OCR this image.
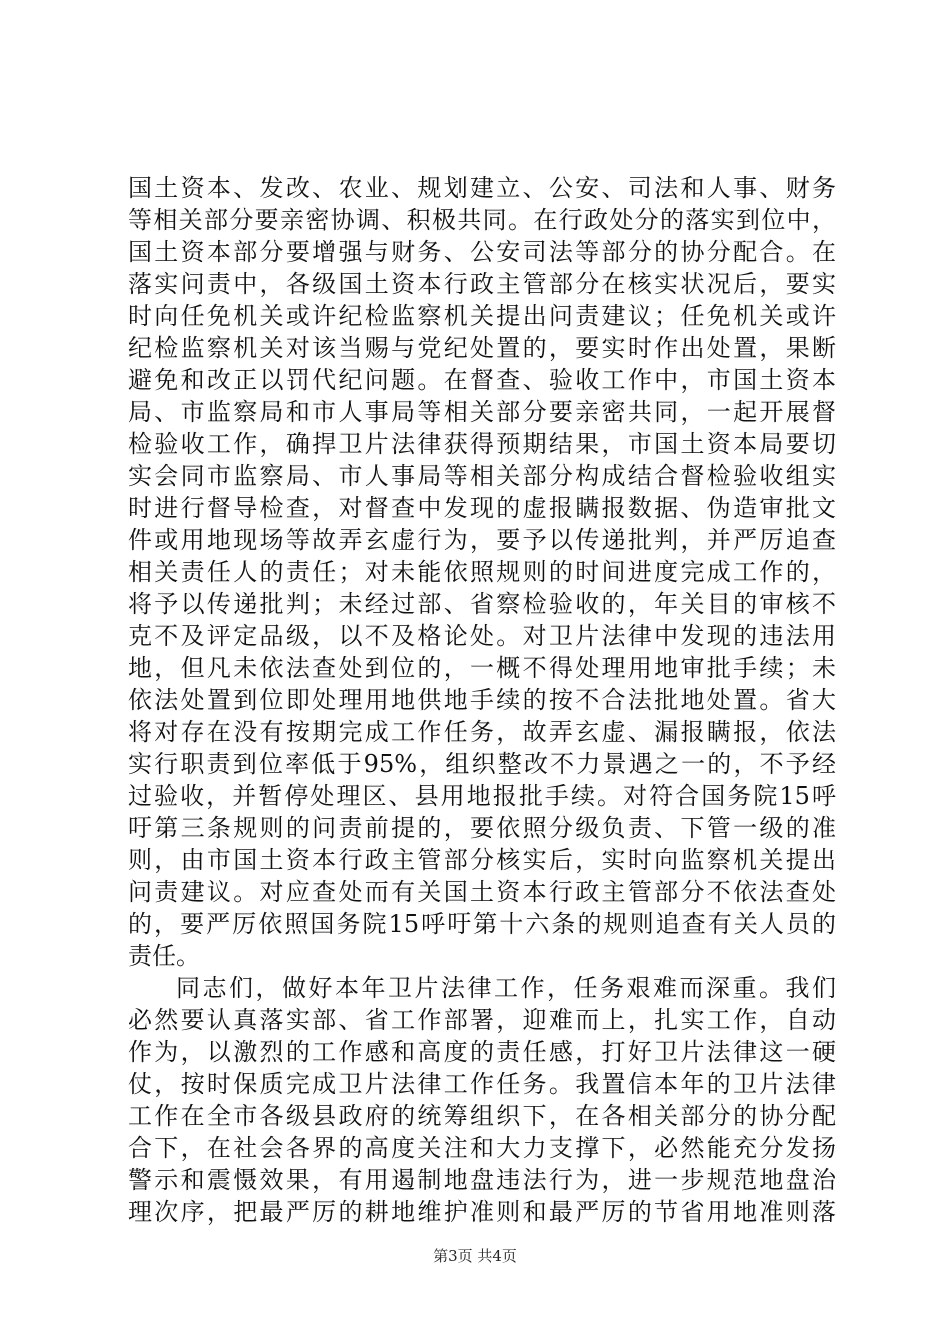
国土资本、发改、农业、规划建立、公安、司法和人事、财务
等相关部分要亲密协调、积极共同。在行政处分的落实到位中，
国土资本部分要增强与财务、公安司法等部分的协分配合。在
落实问责中，各级国土资本行政主管部分在核实状况后，要实
时向任免机关或许纪检监察机关提出问责建议；任免机关或许
纪检监察机关对该当赐与党纪处置的，要实时作出处置，果断
避免和改正以罚代纪问题。在督查、验收工作中，市国土资本
局、市监察局和市人事局等相关部分要亲密共同，一起开展督
检验收工作，确捍卫片法律获得预期结果，市国土资本局要切
实会同市监察局、市人事局等相关部分构成结合督检验收组实
时进行督导检查，对督查中发现的虚报瞒报数据、伪造审批文
件或用地现场等故弄玄虚行为，要予以传递批判，并严厉追查
相关责任人的责任；对未能依照规则的时间进度完成工作的，
将予以传递批判；未经过部、省察检验收的，年关目的审核不
克不及评定品级，以不及格论处。对卫片法律中发现的违法用
地，但凡未依法查处到位的，一概不得处理用地审批手续；未
依法处置到位即处理用地供地手续的按不合法批地处置。省大
将对存在没有按期完成工作任务，故弄玄虚、漏报瞒报，依法
实行职责到位率低于95%，组织整改不力景遇之一的，不予经
过验收，并暂停处理区、县用地报批手续。对符合国务院15呼
吁第三条规则的问责前提的，要依照分级负责、下管一级的准
则，由市国土资本行政主管部分核实后，实时向监察机关提出
问责建议。对应查处而有关国土资本行政主管部分不依法查处
的，要严厉依照国务院15呼吁第十六条的规则追查有关人员的
责任。
同志们，做好本年卫片法律工作，任务艰难而深重。我们
必然要认真落实部、省工作部署，迎难而上，扎实工作，自动
作为，以激烈的工作感和高度的责任感，打好卫片法律这一硬
仗，按时保质完成卫片法律工作任务。我置信本年的卫片法律
工作在全市各级县政府的统筹组织下，在各相关部分的协分配
合下，在社会各界的高度关注和大力支撑下，必然能充分发扬
警示和震慑效果，有用遏制地盘违法行为，进一步规范地盘治
理次序，把最严厉的耕地维护准则和最严厉的节省用地准则落
第3页 共4页
